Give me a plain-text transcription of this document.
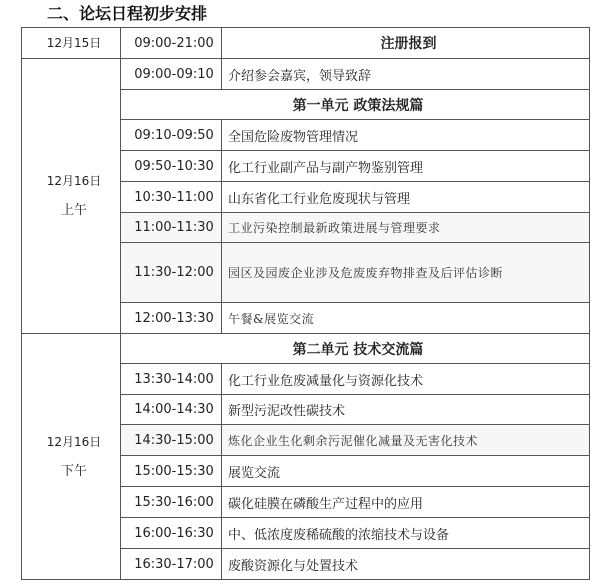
二、论坛日程初步安排
12月15日	09:00-21:00	注册报到
12月16日
上午	09:00-09:10	介绍参会嘉宾，领导致辞
	第一单元 政策法规篇	
	09:10-09:50	全国危险废物管理情况
	09:50-10:30	化工行业副产品与副产物鉴别管理
	10:30-11:00	山东省化工行业危废现状与管理
	11:00-11:30	工业污染控制最新政策进展与管理要求
	11:30-12:00	园区及园废企业涉及危废废弃物排查及后评估诊断
	12:00-13:30	午餐&展览交流
12月16日
下午	第二单元 技术交流篇	
	13:30-14:00	化工行业危废减量化与资源化技术
	14:00-14:30	新型污泥改性碳技术
	14:30-15:00	炼化企业生化剩余污泥催化减量及无害化技术
	15:00-15:30	展览交流
	15:30-16:00	碳化硅膜在磷酸生产过程中的应用
	16:00-16:30	中、低浓度废稀硫酸的浓缩技术与设备
	16:30-17:00	废酸资源化与处置技术
